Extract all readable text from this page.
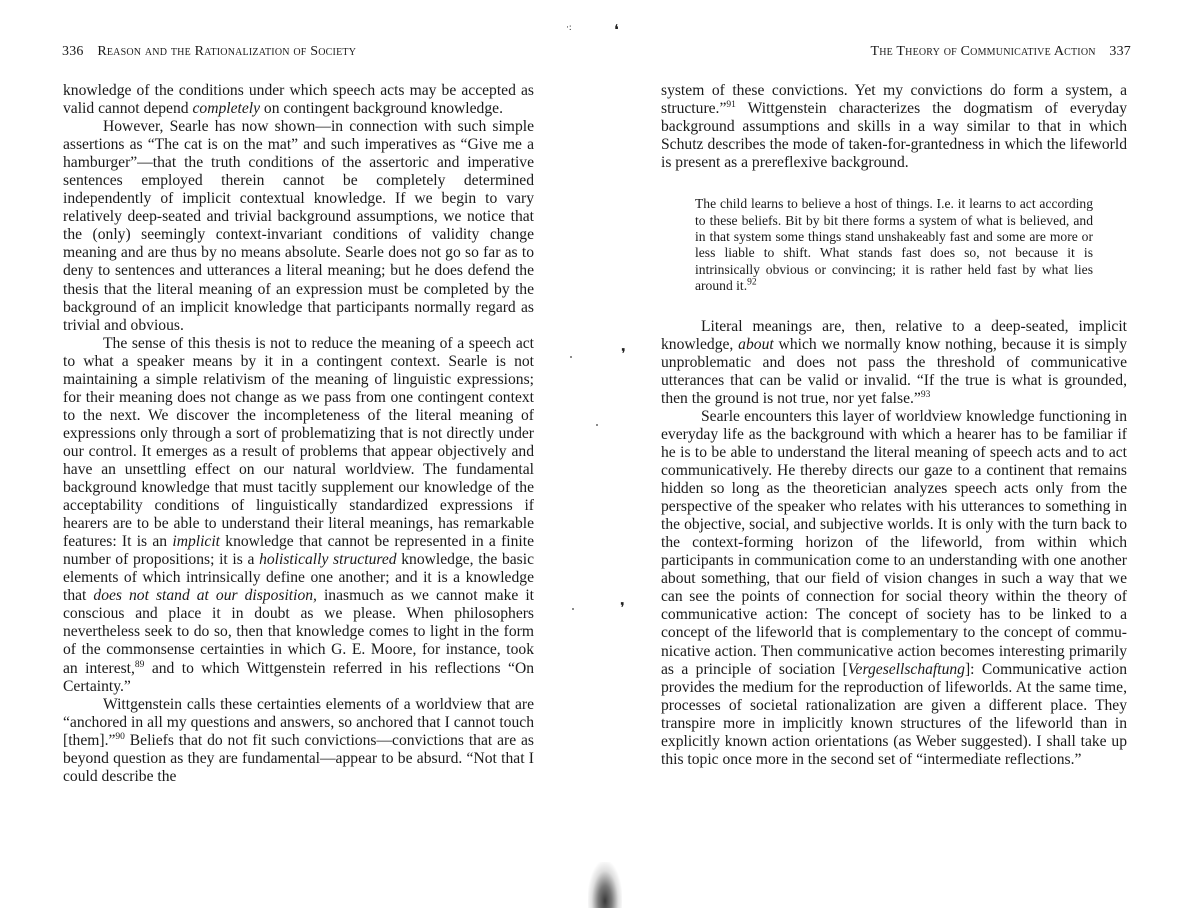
336 Reason and the Rationalization of Society

knowledge of the conditions under which speech acts may be accepted as valid cannot depend completely on contingent background knowledge.

However, Searle has now shown—in connection with such simple assertions as “The cat is on the mat” and such imperatives as “Give me a hamburger”—that the truth conditions of the assertoric and imperative sentences employed therein cannot be completely determined independently of implicit contextual knowledge. If we begin to vary relatively deep-seated and trivial background assumptions, we notice that the (only) seemingly context-invariant conditions of validity change meaning and are thus by no means absolute. Searle does not go so far as to deny to sentences and utterances a literal meaning; but he does defend the thesis that the literal meaning of an expression must be completed by the background of an implicit knowledge that participants normally regard as trivial and obvious.

The sense of this thesis is not to reduce the meaning of a speech act to what a speaker means by it in a contingent context. Searle is not maintaining a simple relativism of the meaning of linguistic expressions; for their meaning does not change as we pass from one contingent context to the next. We discover the incompleteness of the literal meaning of expressions only through a sort of problematizing that is not directly under our control. It emerges as a result of problems that appear objectively and have an unsettling effect on our natural worldview. The fundamental background knowledge that must tacitly supplement our knowledge of the acceptability conditions of linguistically standardized expressions if hearers are to be able to understand their literal meanings, has remarkable features: It is an implicit knowledge that cannot be represented in a finite number of propositions; it is a holistically structured knowledge, the basic elements of which intrinsically define one another; and it is a knowledge that does not stand at our disposition, inasmuch as we cannot make it conscious and place it in doubt as we please. When philosophers nevertheless seek to do so, then that knowledge comes to light in the form of the commonsense certainties in which G. E. Moore, for instance, took an interest,$^{89}$ and to which Wittgenstein referred in his reflections “On Certainty.”

Wittgenstein calls these certainties elements of a worldview that are “anchored in all my questions and answers, so anchored that I cannot touch [them].”$^{90}$ Beliefs that do not fit such convictions—convictions that are as beyond question as they are fundamental—appear to be absurd. “Not that I could describe the

The Theory of Communicative Action 337

system of these convictions. Yet my convictions do form a system, a structure.”$^{91}$ Wittgenstein characterizes the dogmatism of everyday background assumptions and skills in a way similar to that in which Schutz describes the mode of taken-for-grantedness in which the lifeworld is present as a prereflexive background.

The child learns to believe a host of things. I.e. it learns to act according to these beliefs. Bit by bit there forms a system of what is believed, and in that system some things stand unshakeably fast and some are more or less liable to shift. What stands fast does so, not because it is intrinsically obvious or convincing; it is rather held fast by what lies around it.$^{92}$

Literal meanings are, then, relative to a deep-seated, implicit knowledge, about which we normally know nothing, because it is simply unproblematic and does not pass the threshold of communicative utterances that can be valid or invalid. “If the true is what is grounded, then the ground is not true, nor yet false.”$^{93}$

Searle encounters this layer of worldview knowledge functioning in everyday life as the background with which a hearer has to be familiar if he is to be able to understand the literal meaning of speech acts and to act communicatively. He thereby directs our gaze to a continent that remains hidden so long as the theoretician analyzes speech acts only from the perspective of the speaker who relates with his utterances to something in the objective, social, and subjective worlds. It is only with the turn back to the context-forming horizon of the lifeworld, from within which participants in communication come to an understanding with one another about something, that our field of vision changes in such a way that we can see the points of connection for social theory within the theory of communicative action: The concept of society has to be linked to a concept of the lifeworld that is complementary to the concept of communicative action. Then communicative action becomes interesting primarily as a principle of sociation [Vergesellschaftung]: Communicative action provides the medium for the reproduction of lifeworlds. At the same time, processes of societal rationalization are given a different place. They transpire more in implicitly known structures of the lifeworld than in explicitly known action orientations (as Weber suggested). I shall take up this topic once more in the second set of “intermediate reflections.”

·:	❛
❜
❜
